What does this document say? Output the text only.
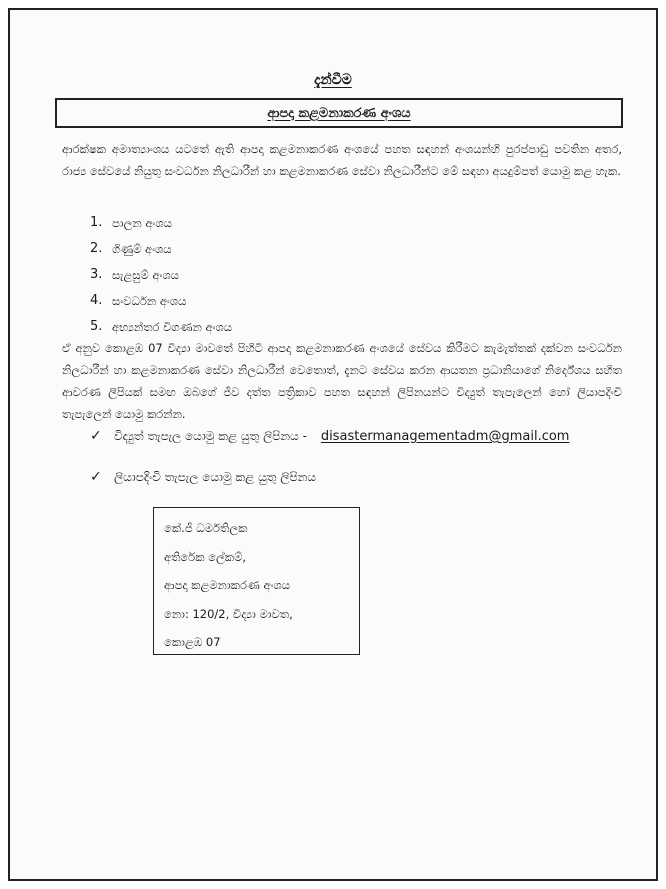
දැන්වීම
ආපදා කළමනාකරණ අංශය
ආරක්ෂක අමාත්‍යාංශය යටතේ ඇති ආපදා කළමනාකරණ අංශයේ පහත සඳහන් අංශයන්හි පුරප්පාඩු පවතින අතර, රාජ්‍ය සේවයේ නියුතු සංවර්ධන නිලධාරීන් හා කළමනාකරණ සේවා නිලධාරීන්ට මේ සඳහා අයදුම්පත් යොමු කළ හැක.
1. පාලන අංශය
2. ගිණුම් අංශය
3. සැළසුම් අංශය
4. සංවර්ධන අංශය
5. අභ්‍යන්තර විගණන අංශය
ඒ අනුව කොළඹ 07 විද්‍යා මාවතේ පිහිටි ආපදා කළමනාකරණ අංශයේ සේවය කිරීමට කැමැත්තක් දක්වන සංවර්ධන නිලධාරීන් හා කළමනාකරණ සේවා නිලධාරීන් වෙතොත්, දැනට සේවය කරන ආයතන ප්‍රධානියාගේ නිර්දේශය සහිත ආවරණ ලිපියක් සමඟ ඔබගේ ජීව දත්ත පත්‍රිකාව පහත සඳහන් ලිපිනයන්ට විද්‍යුත් තැපැලෙන් හෝ ලියාපදිංචි තැපැලෙන් යොමු කරන්න.
✓ විද්‍යුත් තැපැල යොමු කළ යුතු ලිපිනය - disastermanagementadm@gmail.com
✓ ලියාපදිංචි තැපැල යොමු කළ යුතු ලිපිනය
කේ.ජී ධර්මතිලක
අතිරේක ලේකම්,
ආපදා කළමනාකරණ අංශය
නො: 120/2, විද්‍යා මාවත,
කොළඹ 07
